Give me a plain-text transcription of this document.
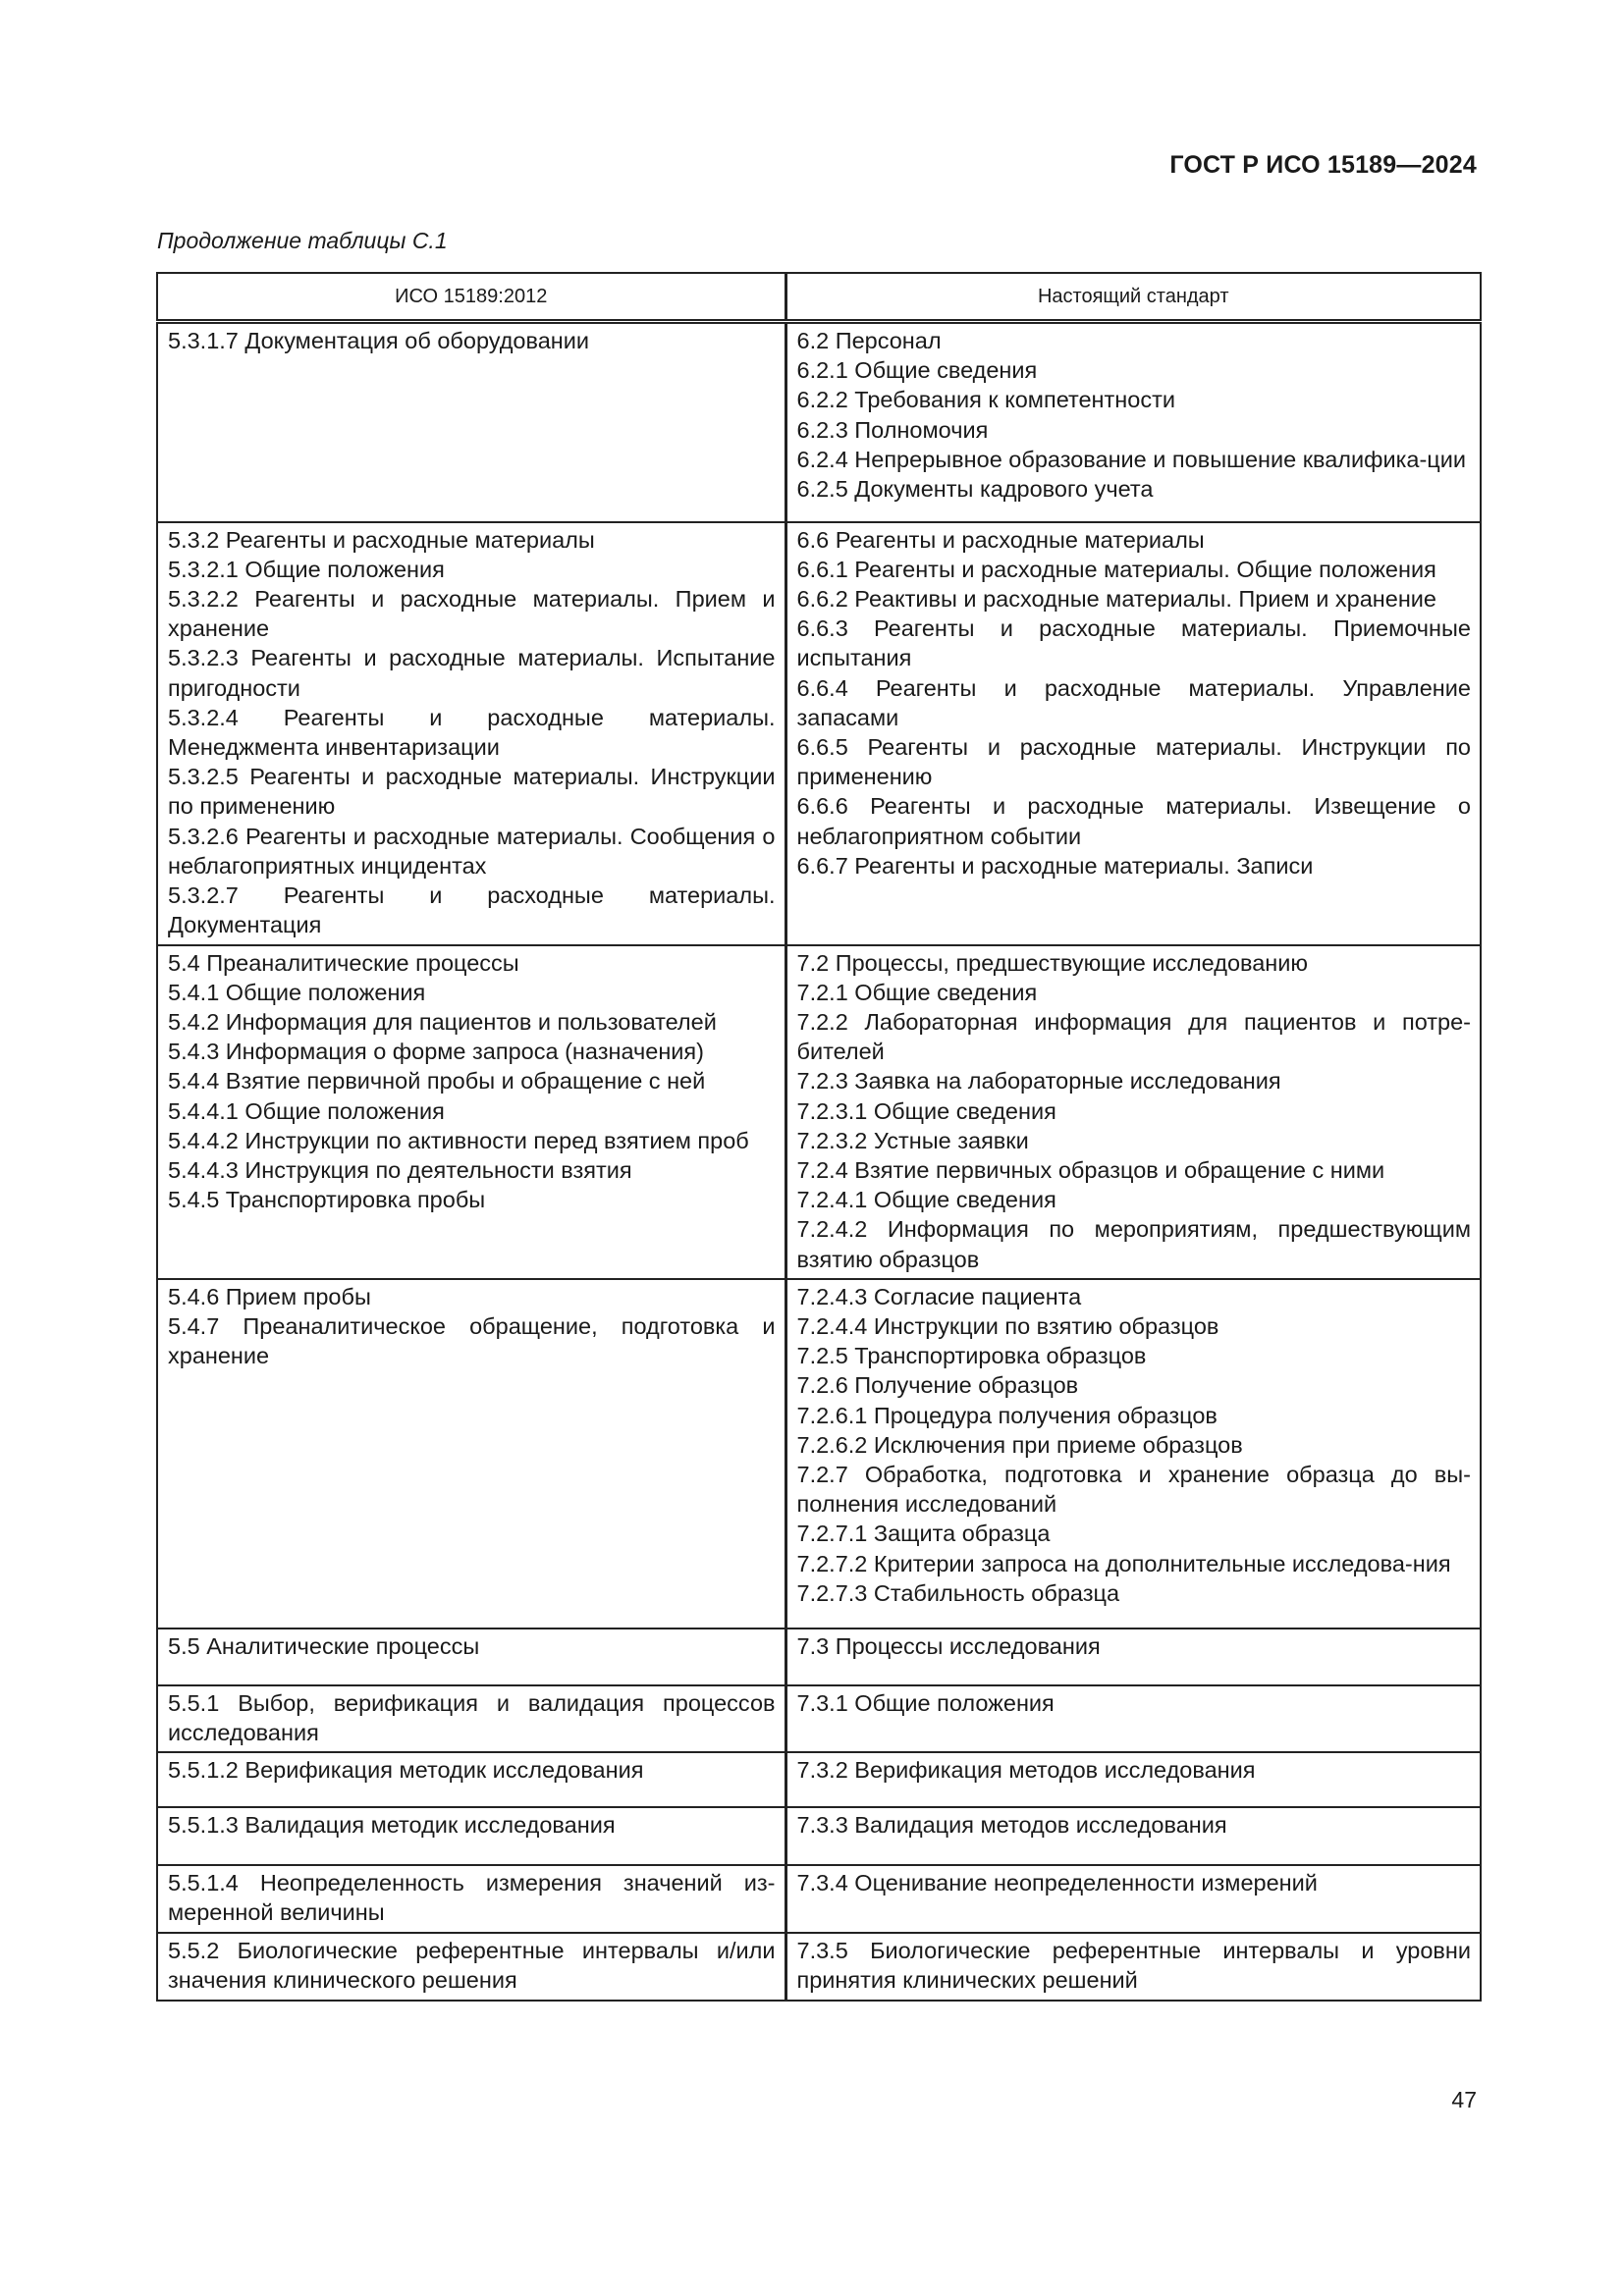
ГОСТ Р ИСО 15189—2024
Продолжение таблицы С.1
ИСО 15189:2012	Настоящий стандарт

5.3.1.7 Документация об оборудовании	6.2 Персонал
6.2.1 Общие сведения
6.2.2 Требования к компетентности
6.2.3 Полномочия
6.2.4 Непрерывное образование и повышение квалифика-ции
6.2.5 Документы кадрового учета

5.3.2 Реагенты и расходные материалы
5.3.2.1 Общие положения
5.3.2.2 Реагенты и расходные материалы. Прием и хранение
5.3.2.3 Реагенты и расходные материалы. Испытание пригодности
5.3.2.4 Реагенты и расходные материалы. Менеджмента инвентаризации
5.3.2.5 Реагенты и расходные материалы. Инструкции по применению
5.3.2.6 Реагенты и расходные материалы. Сообщения о неблагоприятных инцидентах
5.3.2.7 Реагенты и расходные материалы. Документация

6.6 Реагенты и расходные материалы
6.6.1 Реагенты и расходные материалы. Общие положения
6.6.2 Реактивы и расходные материалы. Прием и хранение
6.6.3 Реагенты и расходные материалы. Приемочные испытания
6.6.4 Реагенты и расходные материалы. Управление запасами
6.6.5 Реагенты и расходные материалы. Инструкции по применению
6.6.6 Реагенты и расходные материалы. Извещение о неблагоприятном событии
6.6.7 Реагенты и расходные материалы. Записи

5.4 Преаналитические процессы
5.4.1 Общие положения
5.4.2 Информация для пациентов и пользователей
5.4.3 Информация о форме запроса (назначения)
5.4.4 Взятие первичной пробы и обращение с ней
5.4.4.1 Общие положения
5.4.4.2 Инструкции по активности перед взятием проб
5.4.4.3 Инструкция по деятельности взятия
5.4.5 Транспортировка пробы

7.2 Процессы, предшествующие исследованию
7.2.1 Общие сведения
7.2.2 Лабораторная информация для пациентов и потре-бителей
7.2.3 Заявка на лабораторные исследования
7.2.3.1 Общие сведения
7.2.3.2 Устные заявки
7.2.4 Взятие первичных образцов и обращение с ними
7.2.4.1 Общие сведения
7.2.4.2 Информация по мероприятиям, предшествующим взятию образцов

5.4.6 Прием пробы
5.4.7 Преаналитическое обращение, подготовка и хранение

7.2.4.3 Согласие пациента
7.2.4.4 Инструкции по взятию образцов
7.2.5 Транспортировка образцов
7.2.6 Получение образцов
7.2.6.1 Процедура получения образцов
7.2.6.2 Исключения при приеме образцов
7.2.7 Обработка, подготовка и хранение образца до вы-полнения исследований
7.2.7.1 Защита образца
7.2.7.2 Критерии запроса на дополнительные исследова-ния
7.2.7.3 Стабильность образца

5.5 Аналитические процессы	7.3 Процессы исследования

5.5.1 Выбор, верификация и валидация процессов исследования

7.3.1 Общие положения

5.5.1.2 Верификация методик исследования	7.3.2 Верификация методов исследования

5.5.1.3 Валидация методик исследования	7.3.3 Валидация методов исследования

5.5.1.4 Неопределенность измерения значений из-меренной величины

7.3.4 Оценивание неопределенности измерений

5.5.2 Биологические референтные интервалы и/или значения клинического решения

7.3.5 Биологические референтные интервалы и уровни принятия клинических решений
47
